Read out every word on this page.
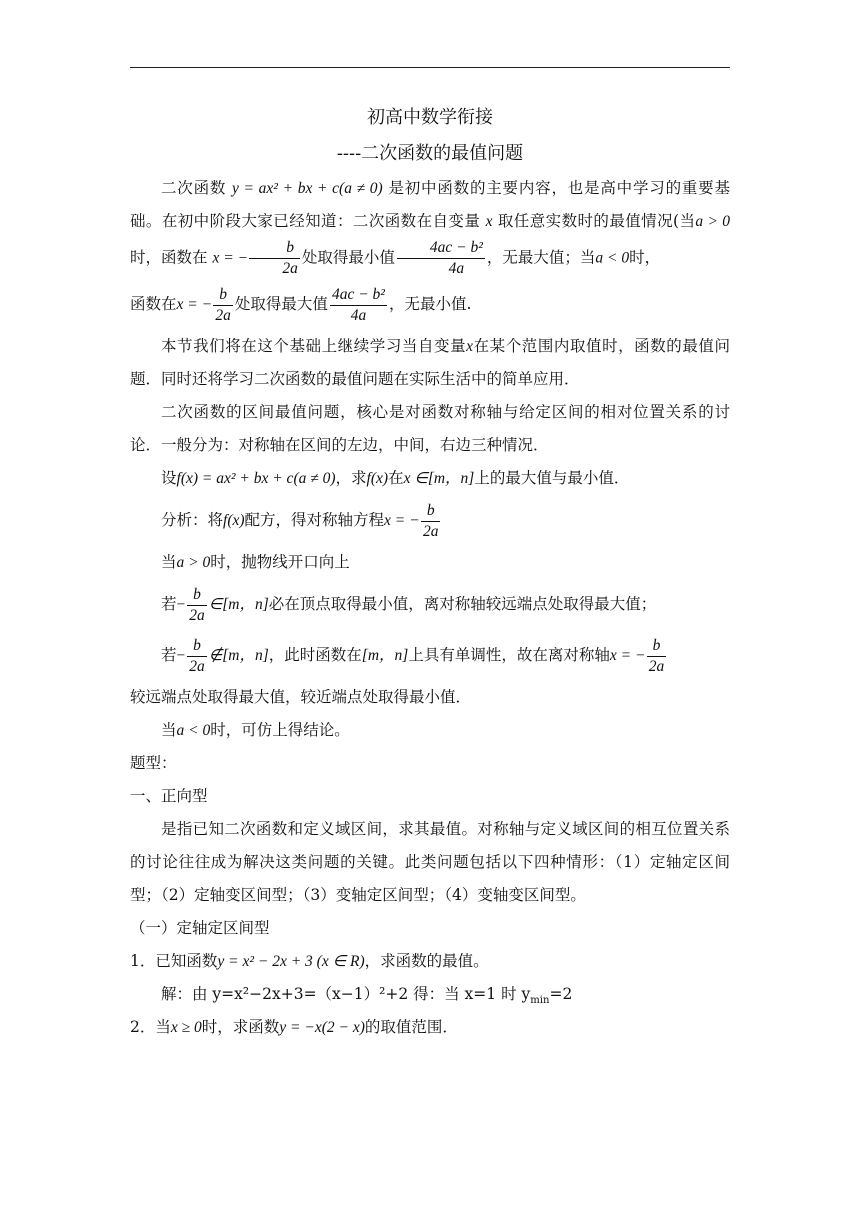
初高中数学衔接
----二次函数的最值问题

二次函数 y = ax² + bx + c(a ≠ 0) 是初中函数的主要内容，也是高中学习的重要基础。在初中阶段大家已经知道：二次函数在自变量 x 取任意实数时的最值情况(当a > 0时，函数在 x = − $\frac{b}{2a}$ 处取得最小值 $\frac{\text{4ac − b²}}{4a}$ ，无最大值；当a < 0时，

函数在x = − $\frac{b}{2a}$ 处取得最大值 $\frac{\text{4ac − b²}}{4a}$ ，无最小值.

本节我们将在这个基础上继续学习当自变量x在某个范围内取值时，函数的最值问题．同时还将学习二次函数的最值问题在实际生活中的简单应用．

二次函数的区间最值问题，核心是对函数对称轴与给定区间的相对位置关系的讨论．一般分为：对称轴在区间的左边，中间，右边三种情况．

设f(x) = ax² + bx + c(a ≠ 0)，求f(x)在x ∈[m，n]上的最大值与最小值．

分析：将f(x)配方，得对称轴方程x = − $\frac{b}{2a}$

当a > 0时，抛物线开口向上

若− $\frac{b}{2a}$ ∈[m，n]必在顶点取得最小值，离对称轴较远端点处取得最大值；

若− $\frac{b}{2a}$ ∉[m，n]，此时函数在[m，n]上具有单调性，故在离对称轴x = − $\frac{b}{2a}$

较远端点处取得最大值，较近端点处取得最小值．

当a < 0时，可仿上得结论。

题型：

一、正向型

是指已知二次函数和定义域区间，求其最值。对称轴与定义域区间的相互位置关系的讨论往往成为解决这类问题的关键。此类问题包括以下四种情形：（1）定轴定区间型；（2）定轴变区间型；（3）变轴定区间型；（4）变轴变区间型。

（一）定轴定区间型

1．已知函数y = x² − 2x + 3 (x ∈ R)，求函数的最值。

解：由 y=x²−2x+3=（x−1）²+2 得：当 x=1 时 $y_{min}=2$

2．当x ≥ 0时，求函数y = −x(2 − x)的取值范围．
